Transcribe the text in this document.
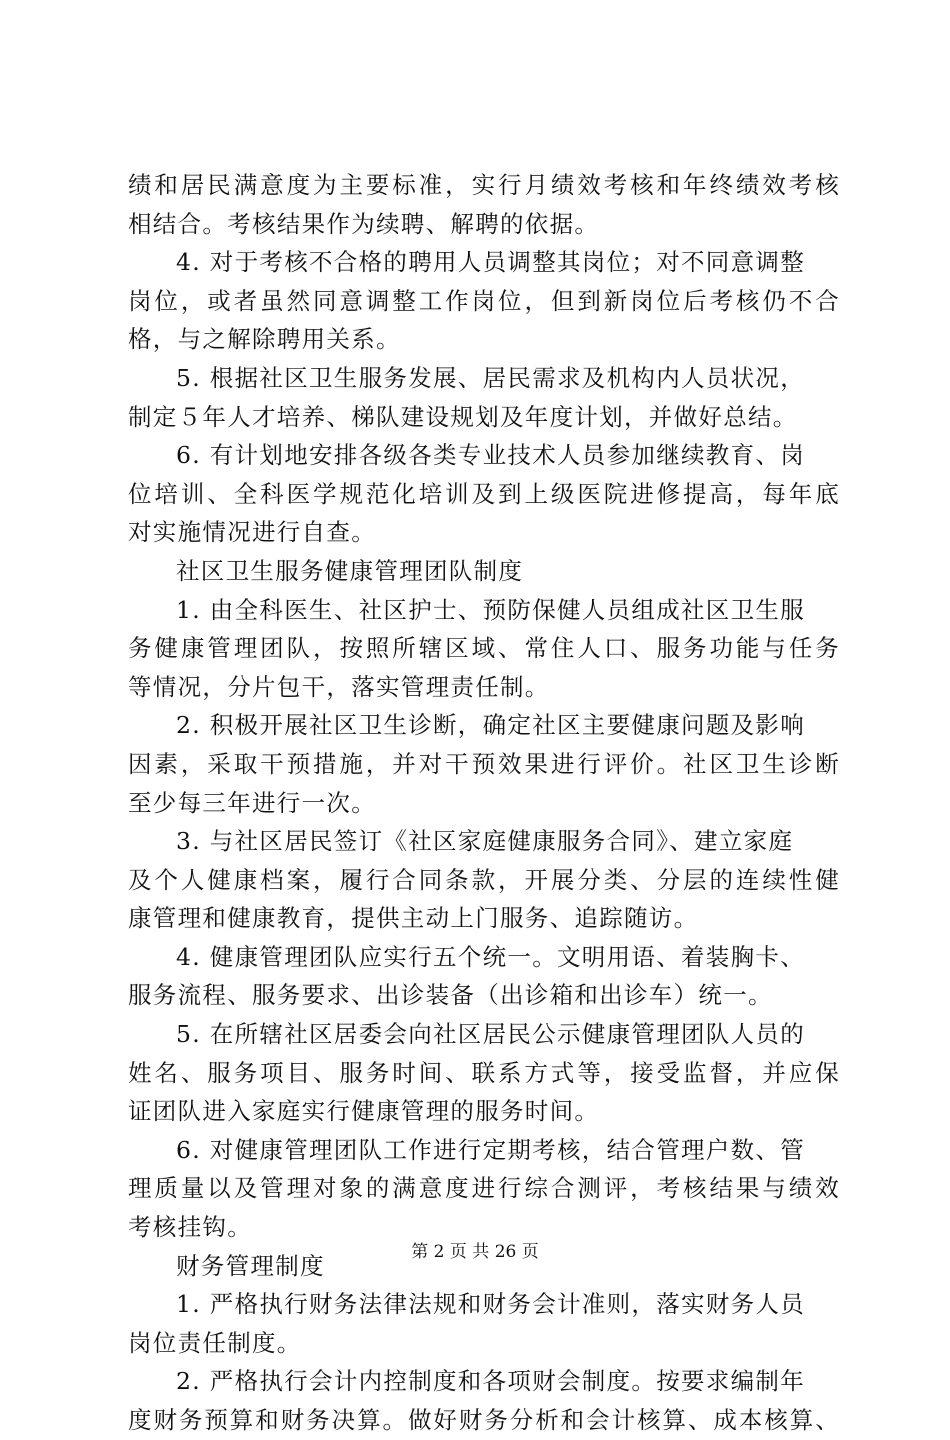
绩和居民满意度为主要标准，实行月绩效考核和年终绩效考核
相结合。考核结果作为续聘、解聘的依据。
4. 对于考核不合格的聘用人员调整其岗位；对不同意调整
岗位，或者虽然同意调整工作岗位，但到新岗位后考核仍不合
格，与之解除聘用关系。
5. 根据社区卫生服务发展、居民需求及机构内人员状况，
制定５年人才培养、梯队建设规划及年度计划，并做好总结。
6. 有计划地安排各级各类专业技术人员参加继续教育、岗
位培训、全科医学规范化培训及到上级医院进修提高，每年底
对实施情况进行自查。
社区卫生服务健康管理团队制度
1. 由全科医生、社区护士、预防保健人员组成社区卫生服
务健康管理团队，按照所辖区域、常住人口、服务功能与任务
等情况，分片包干，落实管理责任制。
2. 积极开展社区卫生诊断，确定社区主要健康问题及影响
因素，采取干预措施，并对干预效果进行评价。社区卫生诊断
至少每三年进行一次。
3. 与社区居民签订《社区家庭健康服务合同》、建立家庭
及个人健康档案，履行合同条款，开展分类、分层的连续性健
康管理和健康教育，提供主动上门服务、追踪随访。
4. 健康管理团队应实行五个统一。文明用语、着装胸卡、
服务流程、服务要求、出诊装备（出诊箱和出诊车）统一。
5. 在所辖社区居委会向社区居民公示健康管理团队人员的
姓名、服务项目、服务时间、联系方式等，接受监督，并应保
证团队进入家庭实行健康管理的服务时间。
6. 对健康管理团队工作进行定期考核，结合管理户数、管
理质量以及管理对象的满意度进行综合测评，考核结果与绩效
考核挂钩。
财务管理制度
1. 严格执行财务法律法规和财务会计准则，落实财务人员
岗位责任制度。
2. 严格执行会计内控制度和各项财会制度。按要求编制年
度财务预算和财务决算。做好财务分析和会计核算、成本核算、
第 2 页 共 26 页
